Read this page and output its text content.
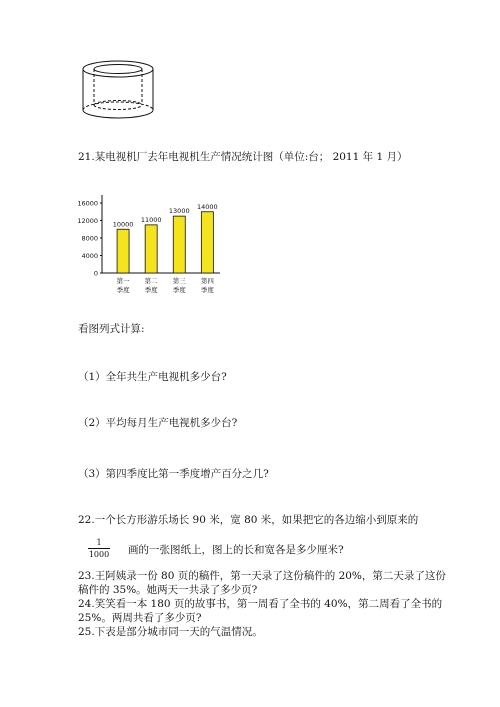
21.某电视机厂去年电视机生产情况统计图（单位:台； 2011 年 1 月）
0
4000
8000
12000
16000
10000
第一
季度
11000
第二
季度
13000
第三
季度
14000
第四
季度
看图列式计算:
（1）全年共生产电视机多少台?
（2）平均每月生产电视机多少台?
（3）第四季度比第一季度增产百分之几?
22.一个长方形游乐场长 90 米，宽 80 米，如果把它的各边缩小到原来的
1
1000 画的一张图纸上，图上的长和宽各是多少厘米?
23.王阿姨录一份 80 页的稿件，第一天录了这份稿件的 20%，第二天录了这份
稿件的 35%。她两天一共录了多少页?
24.笑笑看一本 180 页的故事书，第一周看了全书的 40%，第二周看了全书的
25%。两周共看了多少页?
25.下表是部分城市同一天的气温情况。
